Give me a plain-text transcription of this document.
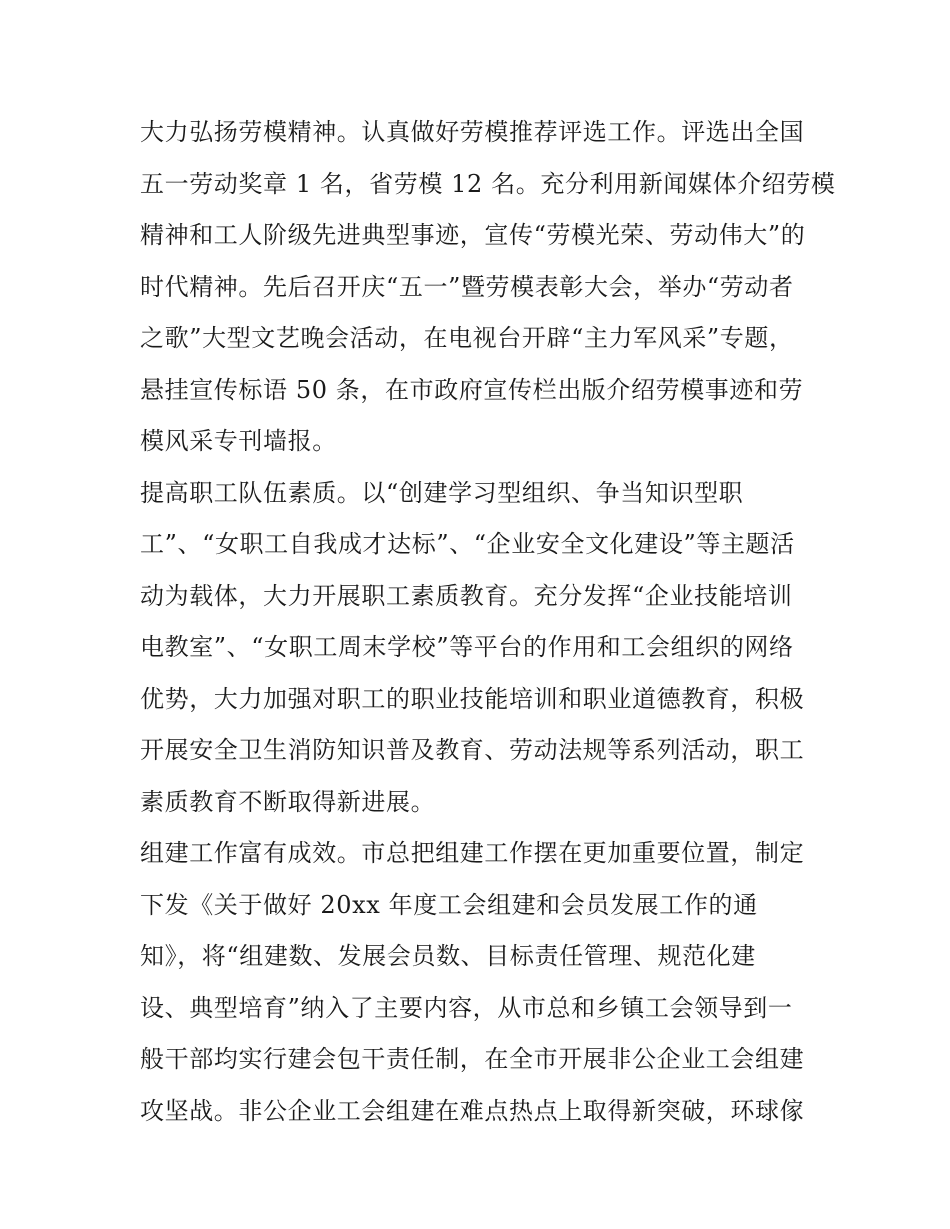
大力弘扬劳模精神。认真做好劳模推荐评选工作。评选出全国

五一劳动奖章 1 名，省劳模 12 名。充分利用新闻媒体介绍劳模

精神和工人阶级先进典型事迹，宣传“劳模光荣、劳动伟大”的

时代精神。先后召开庆“五一”暨劳模表彰大会，举办“劳动者

之歌”大型文艺晚会活动，在电视台开辟“主力军风采”专题，

悬挂宣传标语 50 条，在市政府宣传栏出版介绍劳模事迹和劳

模风采专刊墙报。

提高职工队伍素质。以“创建学习型组织、争当知识型职

工”、“女职工自我成才达标”、“企业安全文化建设”等主题活

动为载体，大力开展职工素质教育。充分发挥“企业技能培训

电教室”、“女职工周末学校”等平台的作用和工会组织的网络

优势，大力加强对职工的职业技能培训和职业道德教育，积极

开展安全卫生消防知识普及教育、劳动法规等系列活动，职工

素质教育不断取得新进展。

组建工作富有成效。市总把组建工作摆在更加重要位置，制定

下发《关于做好 20xx 年度工会组建和会员发展工作的通

知》，将“组建数、发展会员数、目标责任管理、规范化建

设、典型培育”纳入了主要内容，从市总和乡镇工会领导到一

般干部均实行建会包干责任制，在全市开展非公企业工会组建

攻坚战。非公企业工会组建在难点热点上取得新突破，环球傢
